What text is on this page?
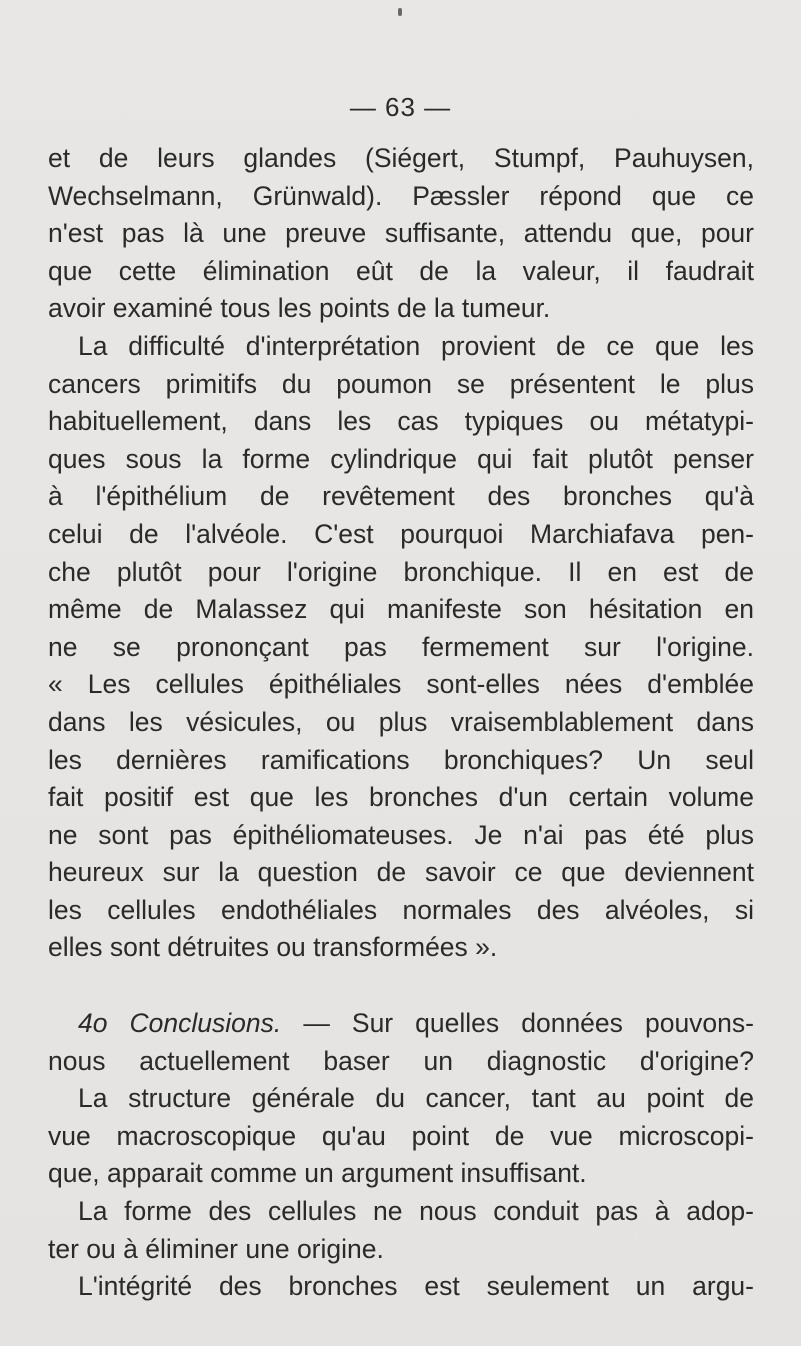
— 63 —
et de leurs glandes (Siégert, Stumpf, Pauhuysen,
Wechselmann, Grünwald). Pæssler répond que ce
n'est pas là une preuve suffisante, attendu que, pour
que cette élimination eût de la valeur, il faudrait
avoir examiné tous les points de la tumeur.
La difficulté d'interprétation provient de ce que les
cancers primitifs du poumon se présentent le plus
habituellement, dans les cas typiques ou métatypi-
ques sous la forme cylindrique qui fait plutôt penser
à l'épithélium de revêtement des bronches qu'à
celui de l'alvéole. C'est pourquoi Marchiafava pen-
che plutôt pour l'origine bronchique. Il en est de
même de Malassez qui manifeste son hésitation en
ne se prononçant pas fermement sur l'origine.
« Les cellules épithéliales sont-elles nées d'emblée
dans les vésicules, ou plus vraisemblablement dans
les dernières ramifications bronchiques? Un seul
fait positif est que les bronches d'un certain volume
ne sont pas épithéliomateuses. Je n'ai pas été plus
heureux sur la question de savoir ce que deviennent
les cellules endothéliales normales des alvéoles, si
elles sont détruites ou transformées ».
4o Conclusions. — Sur quelles données pouvons-
nous actuellement baser un diagnostic d'origine?
La structure générale du cancer, tant au point de
vue macroscopique qu'au point de vue microscopi-
que, apparait comme un argument insuffisant.
La forme des cellules ne nous conduit pas à adop-
ter ou à éliminer une origine.
L'intégrité des bronches est seulement un argu-
